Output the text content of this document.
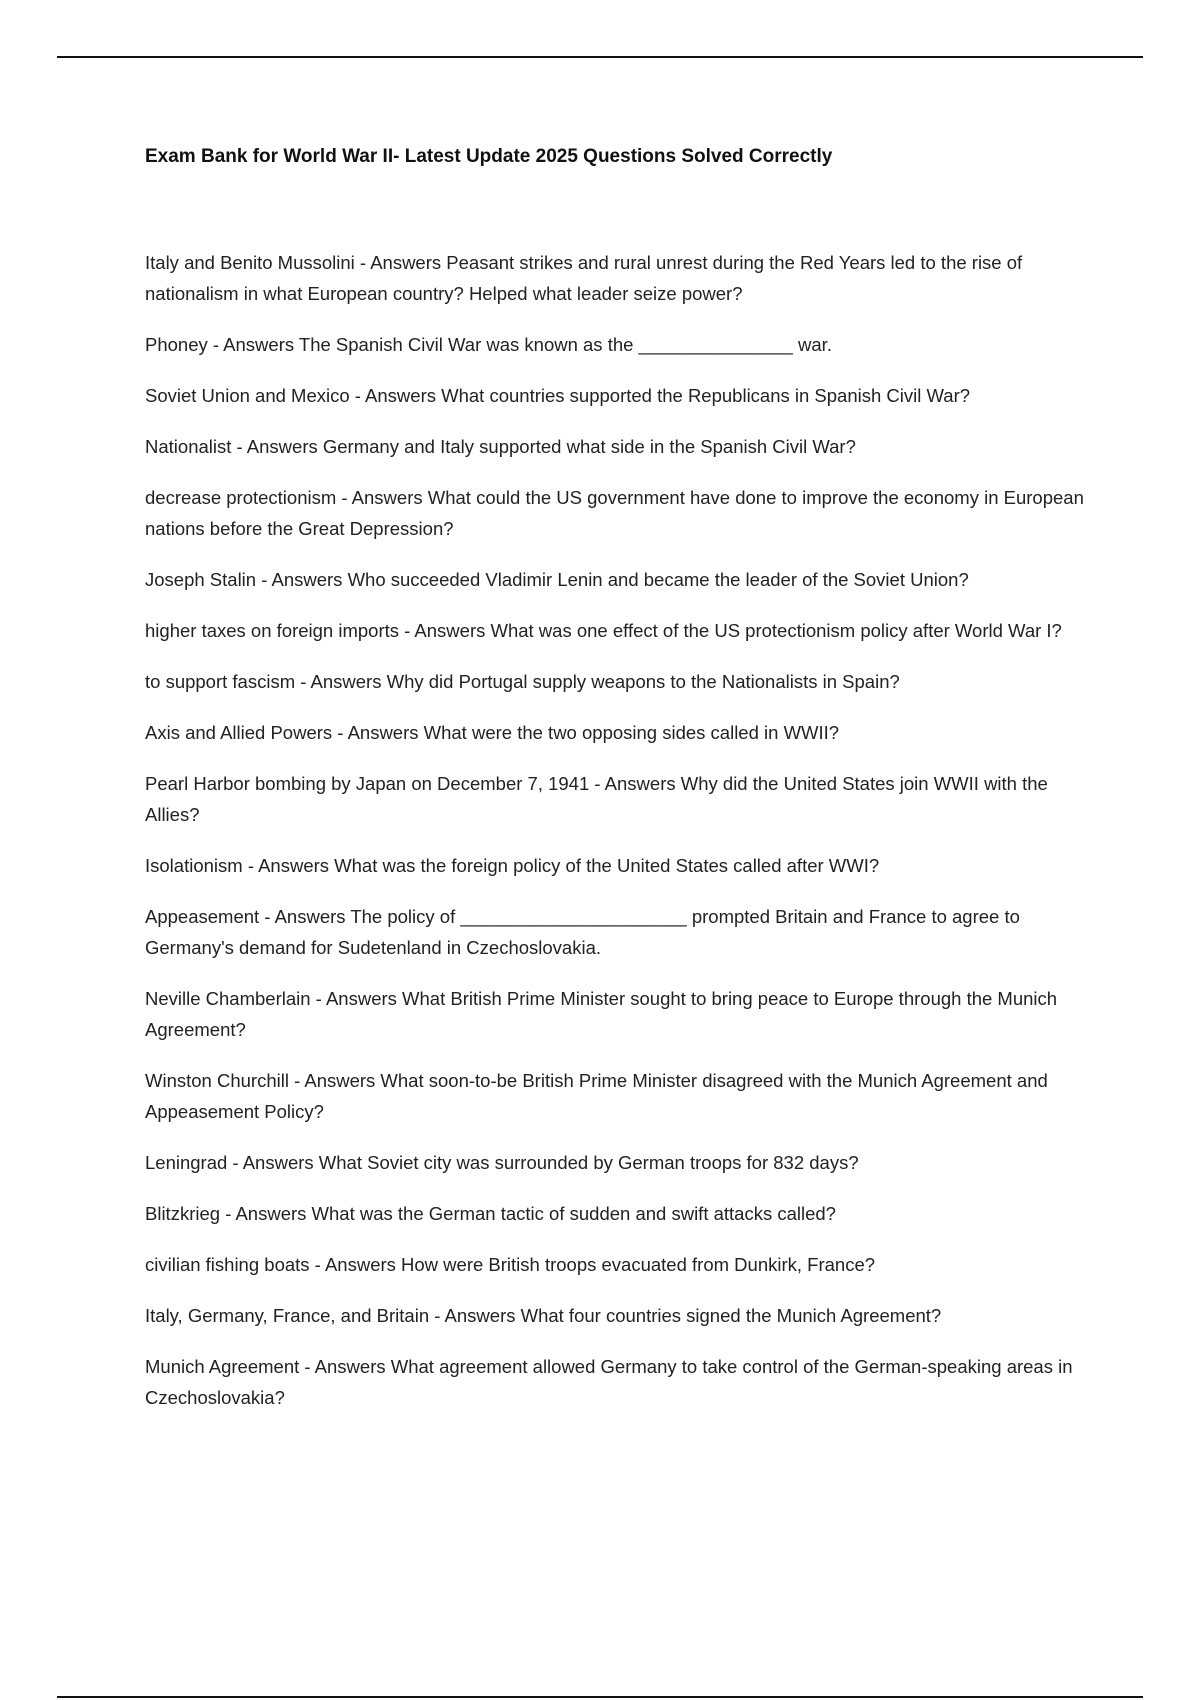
Exam Bank for World War II- Latest Update 2025 Questions Solved Correctly
Italy and Benito Mussolini - Answers Peasant strikes and rural unrest during the Red Years led to the rise of nationalism in what European country? Helped what leader seize power?
Phoney - Answers The Spanish Civil War was known as the _______________ war.
Soviet Union and Mexico - Answers What countries supported the Republicans in Spanish Civil War?
Nationalist - Answers Germany and Italy supported what side in the Spanish Civil War?
decrease protectionism - Answers What could the US government have done to improve the economy in European nations before the Great Depression?
Joseph Stalin - Answers Who succeeded Vladimir Lenin and became the leader of the Soviet Union?
higher taxes on foreign imports - Answers What was one effect of the US protectionism policy after World War I?
to support fascism - Answers Why did Portugal supply weapons to the Nationalists in Spain?
Axis and Allied Powers - Answers What were the two opposing sides called in WWII?
Pearl Harbor bombing by Japan on December 7, 1941 - Answers Why did the United States join WWII with the Allies?
Isolationism - Answers What was the foreign policy of the United States called after WWI?
Appeasement - Answers The policy of ______________________ prompted Britain and France to agree to Germany's demand for Sudetenland in Czechoslovakia.
Neville Chamberlain - Answers What British Prime Minister sought to bring peace to Europe through the Munich Agreement?
Winston Churchill - Answers What soon-to-be British Prime Minister disagreed with the Munich Agreement and Appeasement Policy?
Leningrad - Answers What Soviet city was surrounded by German troops for 832 days?
Blitzkrieg - Answers What was the German tactic of sudden and swift attacks called?
civilian fishing boats - Answers How were British troops evacuated from Dunkirk, France?
Italy, Germany, France, and Britain - Answers What four countries signed the Munich Agreement?
Munich Agreement - Answers What agreement allowed Germany to take control of the German-speaking areas in Czechoslovakia?
